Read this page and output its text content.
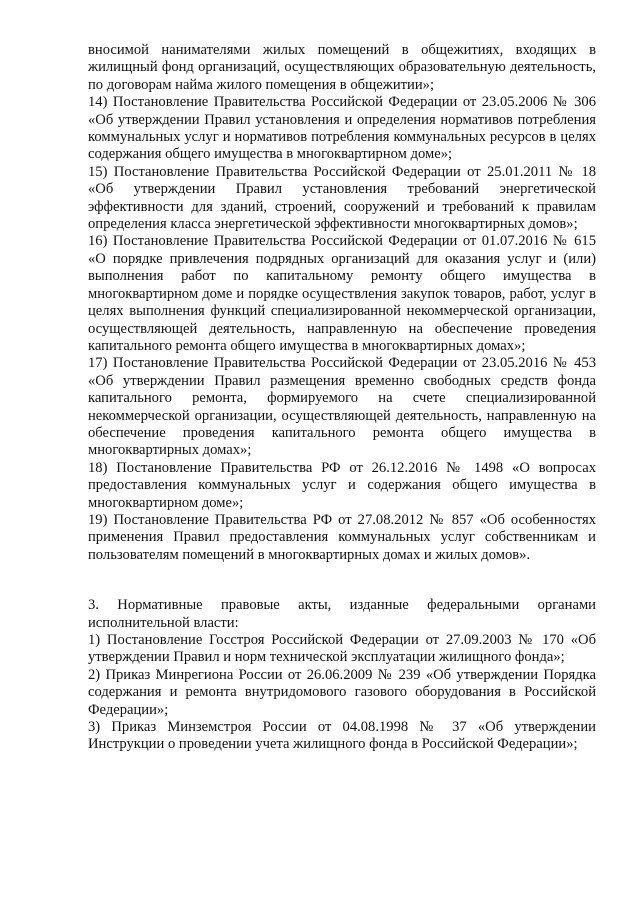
вносимой нанимателями жилых помещений в общежитиях, входящих в жилищный фонд организаций, осуществляющих образовательную деятельность, по договорам найма жилого помещения в общежитии»;

14) Постановление Правительства Российской Федерации от 23.05.2006 № 306 «Об утверждении Правил установления и определения нормативов потребления коммунальных услуг и нормативов потребления коммунальных ресурсов в целях содержания общего имущества в многоквартирном доме»;

15) Постановление Правительства Российской Федерации от 25.01.2011 № 18 «Об утверждении Правил установления требований энергетической эффективности для зданий, строений, сооружений и требований к правилам определения класса энергетической эффективности многоквартирных домов»;

16) Постановление Правительства Российской Федерации от 01.07.2016 № 615 «О порядке привлечения подрядных организаций для оказания услуг и (или) выполнения работ по капитальному ремонту общего имущества в многоквартирном доме и порядке осуществления закупок товаров, работ, услуг в целях выполнения функций специализированной некоммерческой организации, осуществляющей деятельность, направленную на обеспечение проведения капитального ремонта общего имущества в многоквартирных домах»;

17) Постановление Правительства Российской Федерации от 23.05.2016 № 453 «Об утверждении Правил размещения временно свободных средств фонда капитального ремонта, формируемого на счете специализированной некоммерческой организации, осуществляющей деятельность, направленную на обеспечение проведения капитального ремонта общего имущества в многоквартирных домах»;

18) Постановление Правительства РФ от 26.12.2016 № 1498 «О вопросах предоставления коммунальных услуг и содержания общего имущества в многоквартирном доме»;

19) Постановление Правительства РФ от 27.08.2012 № 857 «Об особенностях применения Правил предоставления коммунальных услуг собственникам и пользователям помещений в многоквартирных домах и жилых домов».

3. Нормативные правовые акты, изданные федеральными органами исполнительной власти:

1) Постановление Госстроя Российской Федерации от 27.09.2003 № 170 «Об утверждении Правил и норм технической эксплуатации жилищного фонда»;

2) Приказ Минрегиона России от 26.06.2009 № 239 «Об утверждении Порядка содержания и ремонта внутридомового газового оборудования в Российской Федерации»;

3) Приказ Минземстроя России от 04.08.1998 № 37 «Об утверждении Инструкции о проведении учета жилищного фонда в Российской Федерации»;
